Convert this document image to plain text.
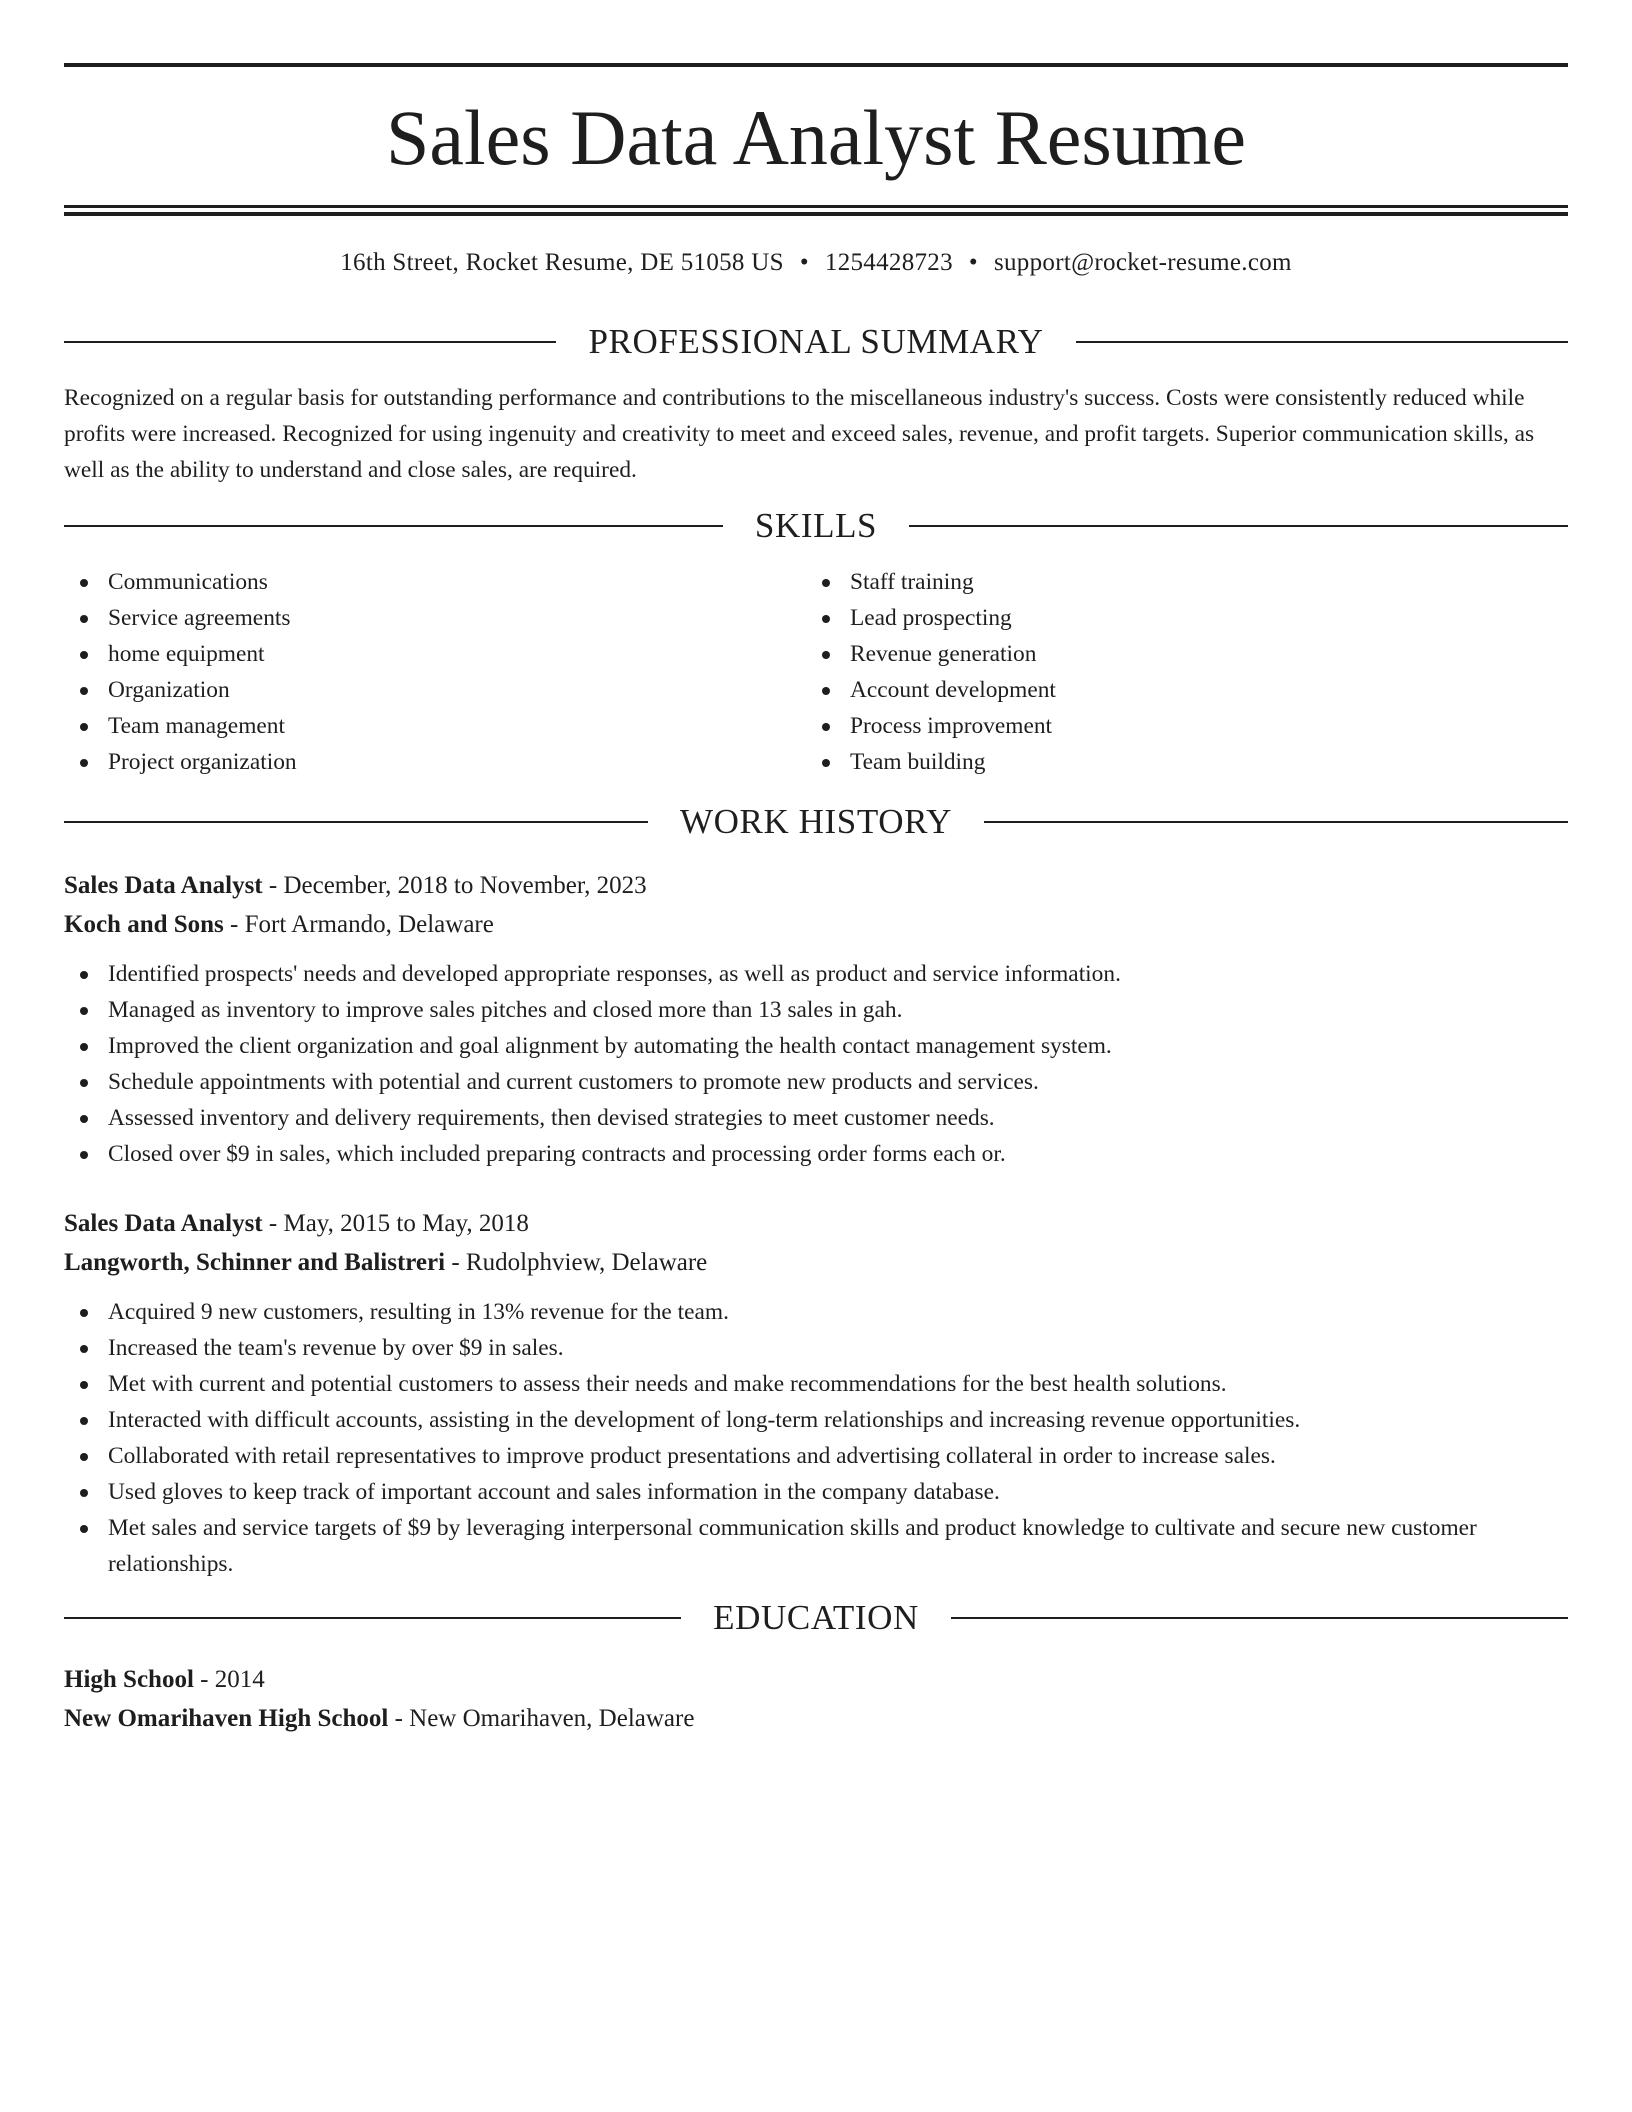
Sales Data Analyst Resume
16th Street, Rocket Resume, DE 51058 US • 1254428723 • support@rocket-resume.com
PROFESSIONAL SUMMARY

Recognized on a regular basis for outstanding performance and contributions to the miscellaneous industry's success. Costs were consistently reduced while profits were increased. Recognized for using ingenuity and creativity to meet and exceed sales, revenue, and profit targets. Superior communication skills, as well as the ability to understand and close sales, are required.

SKILLS
Communications
Service agreements
home equipment
Organization
Team management
Project organization
Staff training
Lead prospecting
Revenue generation
Account development
Process improvement
Team building
WORK HISTORY
Sales Data Analyst - December, 2018 to November, 2023
Koch and Sons - Fort Armando, Delaware
Identified prospects' needs and developed appropriate responses, as well as product and service information.
Managed as inventory to improve sales pitches and closed more than 13 sales in gah.
Improved the client organization and goal alignment by automating the health contact management system.
Schedule appointments with potential and current customers to promote new products and services.
Assessed inventory and delivery requirements, then devised strategies to meet customer needs.
Closed over $9 in sales, which included preparing contracts and processing order forms each or.
Sales Data Analyst - May, 2015 to May, 2018
Langworth, Schinner and Balistreri - Rudolphview, Delaware
Acquired 9 new customers, resulting in 13% revenue for the team.
Increased the team's revenue by over $9 in sales.
Met with current and potential customers to assess their needs and make recommendations for the best health solutions.
Interacted with difficult accounts, assisting in the development of long-term relationships and increasing revenue opportunities.
Collaborated with retail representatives to improve product presentations and advertising collateral in order to increase sales.
Used gloves to keep track of important account and sales information in the company database.
Met sales and service targets of $9 by leveraging interpersonal communication skills and product knowledge to cultivate and secure new customer relationships.
EDUCATION
High School - 2014
New Omarihaven High School - New Omarihaven, Delaware
